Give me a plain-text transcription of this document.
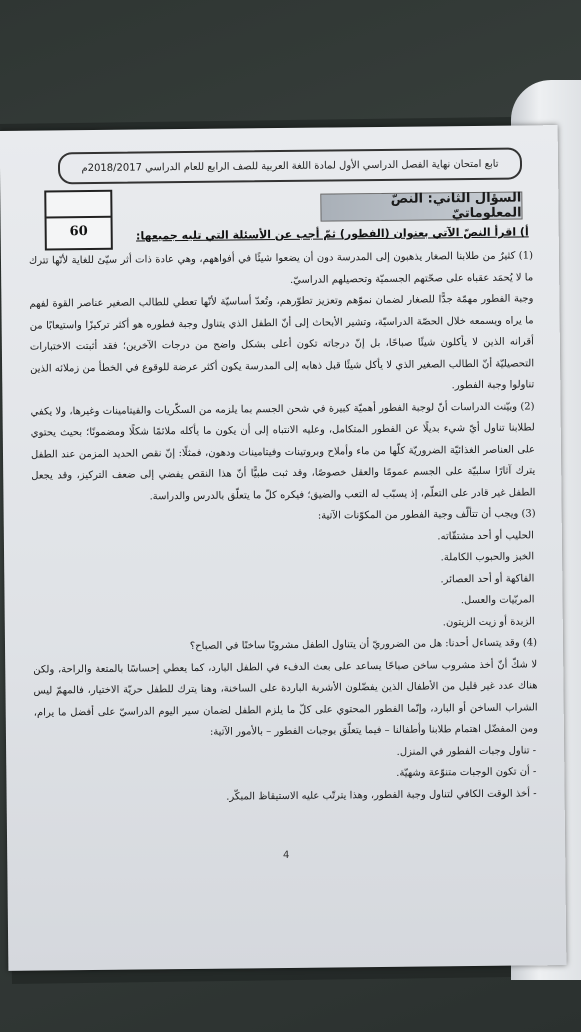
تابع امتحان نهاية الفصل الدراسي الأول لمادة اللغة العربية للصف الرابع للعام الدراسي 2018/2017م
60
السؤال الثاني: النصّ المعلوماتيّ
أ) اقرأ النصّ الآتي بعنوان (الفطور) ثمّ أجب عن الأسئلة التي تليه جميعها:

(1) كثيرٌ من طلابنا الصغار يذهبون إلى المدرسة دون أن يضعوا شيئًا في أفواههم، وهي عادة ذات أثر سيّئ للغاية لأنّها تترك ما لا يُحمَد عقباه على صحّتهم الجسميّة وتحصيلهم الدراسيّ.

وجبة الفطور مهمّة جدًّا للصغار لضمان نموّهم وتعزيز تطوّرهم، وتُعدّ أساسيّة لأنّها تعطي للطالب الصغير عناصر القوة لفهم ما يراه ويسمعه خلال الحصّة الدراسيّة، وتشير الأبحاث إلى أنّ الطفل الذي يتناول وجبة فطوره هو أكثر تركيزًا واستيعابًا من أقرانه الذين لا يأكلون شيئًا صباحًا، بل إنّ درجاته تكون أعلى بشكل واضح من درجات الآخرين؛ فقد أثبتت الاختبارات التحصيليّة أنّ الطالب الصغير الذي لا يأكل شيئًا قبل ذهابه إلى المدرسة يكون أكثر عرضة للوقوع في الخطأ من زملائه الذين تناولوا وجبة الفطور.

(2) وبيّنت الدراسات أنّ لوجبة الفطور أهميّة كبيرة في شحن الجسم بما يلزمه من السكّريات والفيتامينات وغيرها، ولا يكفي لطلابنا تناول أيّ شيء بديلًا عن الفطور المتكامل، وعليه الانتباه إلى أن يكون ما يأكله ملائمًا شكلًا ومضمونًا؛ بحيث يحتوي على العناصر الغذائيّة الضروريّة كلّها من ماء وأملاح وبروتينات وفيتامينات ودهون، فمثلًا: إنّ نقص الحديد المزمن عند الطفل يترك آثارًا سلبيّة على الجسم عمومًا والعقل خصوصًا، وقد ثبت طبيًّا أنّ هذا النقص يفضي إلى ضعف التركيز، وقد يجعل الطفل غير قادر على التعلّم، إذ يسبّب له التعب والضيق؛ فيكره كلّ ما يتعلّق بالدرس والدراسة.

(3) ويجب أن تتألّف وجبة الفطور من المكوّنات الآتية:

الحليب أو أحد مشتقّاته.

الخبز والحبوب الكاملة.

الفاكهة أو أحد العصائر.

المربّيات والعسل.

الزبدة أو زيت الزيتون.

(4) وقد يتساءل أحدنا: هل من الضروريّ أن يتناول الطفل مشروبًا ساخنًا في الصباح؟

لا شكّ أنّ أخذ مشروب ساخن صباحًا يساعد على بعث الدفء في الطفل البارد، كما يعطي إحساسًا بالمتعة والراحة، ولكن هناك عدد غير قليل من الأطفال الذين يفضّلون الأشربة الباردة على الساخنة، وهنا يترك للطفل حريّة الاختيار، فالمهمّ ليس الشراب الساخن أو البارد، وإنّما الفطور المحتوي على كلّ ما يلزم الطفل لضمان سير اليوم الدراسيّ على أفضل ما يرام، ومن المفضّل اهتمام طلابنا وأطفالنا – فيما يتعلّق بوجبات الفطور – بالأمور الآتية:

- تناول وجبات الفطور في المنزل.

- أن تكون الوجبات متنوّعة وشهيّة.

- أخذ الوقت الكافي لتناول وجبة الفطور، وهذا يترتّب عليه الاستيقاظ المبكّر.

4
